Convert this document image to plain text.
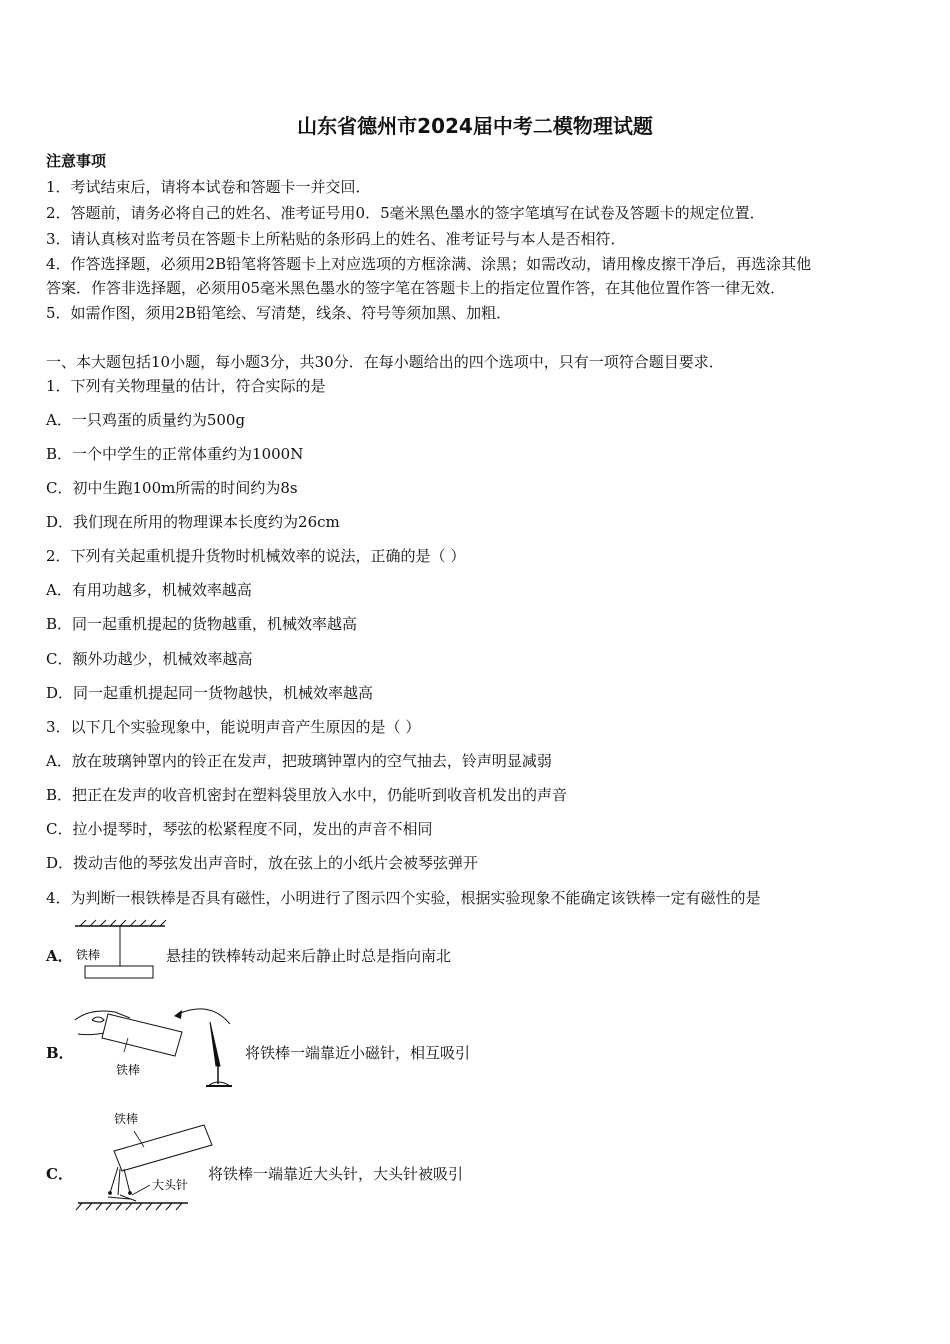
山东省德州市2024届中考二模物理试题
注意事项
1．考试结束后，请将本试卷和答题卡一并交回．
2．答题前，请务必将自己的姓名、准考证号用0．5毫米黑色墨水的签字笔填写在试卷及答题卡的规定位置．
3．请认真核对监考员在答题卡上所粘贴的条形码上的姓名、准考证号与本人是否相符．
4．作答选择题，必须用2B铅笔将答题卡上对应选项的方框涂满、涂黑；如需改动，请用橡皮擦干净后，再选涂其他
答案．作答非选择题，必须用05毫米黑色墨水的签字笔在答题卡上的指定位置作答，在其他位置作答一律无效．
5．如需作图，须用2B铅笔绘、写清楚，线条、符号等须加黑、加粗．
一、本大题包括10小题，每小题3分，共30分．在每小题给出的四个选项中，只有一项符合题目要求．
1．下列有关物理量的估计，符合实际的是
A．一只鸡蛋的质量约为500g
B．一个中学生的正常体重约为1000N
C．初中生跑100m所需的时间约为8s
D．我们现在所用的物理课本长度约为26cm
2．下列有关起重机提升货物时机械效率的说法，正确的是（ ）
A．有用功越多，机械效率越高
B．同一起重机提起的货物越重，机械效率越高
C．额外功越少，机械效率越高
D．同一起重机提起同一货物越快，机械效率越高
3．以下几个实验现象中，能说明声音产生原因的是（ ）
A．放在玻璃钟罩内的铃正在发声，把玻璃钟罩内的空气抽去，铃声明显减弱
B．把正在发声的收音机密封在塑料袋里放入水中，仍能听到收音机发出的声音
C．拉小提琴时，琴弦的松紧程度不同，发出的声音不相同
D．拨动吉他的琴弦发出声音时，放在弦上的小纸片会被琴弦弹开
4．为判断一根铁棒是否具有磁性，小明进行了图示四个实验，根据实验现象不能确定该铁棒一定有磁性的是
A． 铁棒	悬挂的铁棒转动起来后静止时总是指向南北
B．
铁棒
将铁棒一端靠近小磁针，相互吸引
C．
铁棒
大头针
将铁棒一端靠近大头针，大头针被吸引
